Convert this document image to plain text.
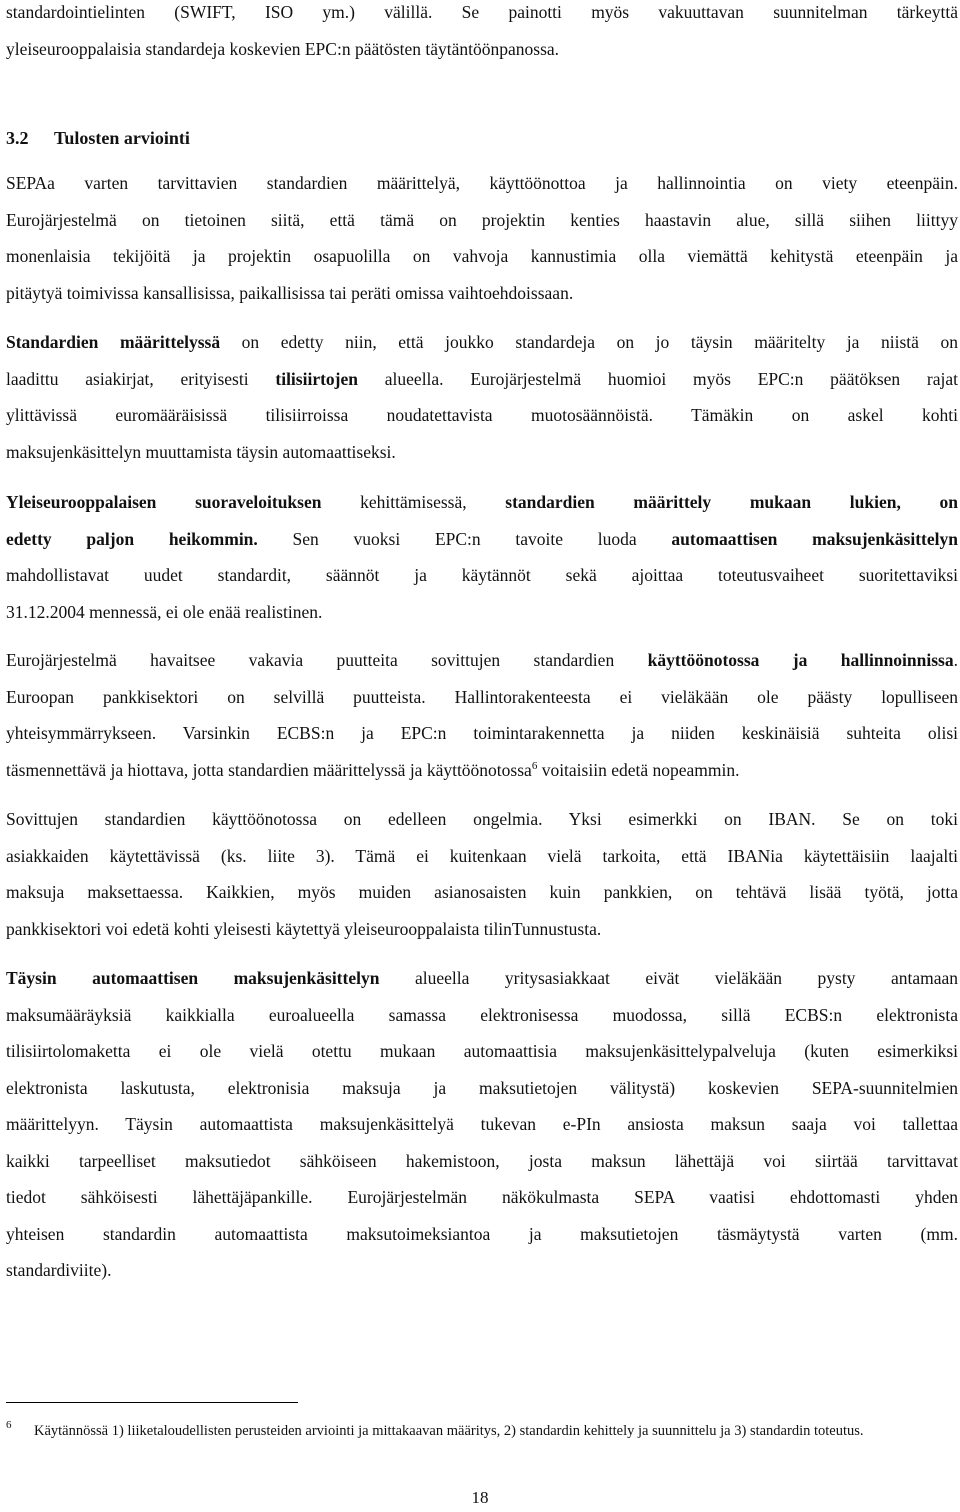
standardointielinten (SWIFT, ISO ym.) välillä. Se painotti myös vakuuttavan suunnitelman tärkeyttä
yleiseurooppalaisia standardeja koskevien EPC:n päätösten täytäntöönpanossa.

3.2 Tulosten arviointi

SEPAa varten tarvittavien standardien määrittelyä, käyttöönottoa ja hallinnointia on viety eteenpäin.
Eurojärjestelmä on tietoinen siitä, että tämä on projektin kenties haastavin alue, sillä siihen liittyy
monenlaisia tekijöitä ja projektin osapuolilla on vahvoja kannustimia olla viemättä kehitystä eteenpäin ja
pitäytyä toimivissa kansallisissa, paikallisissa tai peräti omissa vaihtoehdoissaan.

Standardien määrittelyssä on edetty niin, että joukko standardeja on jo täysin määritelty ja niistä on
laadittu asiakirjat, erityisesti tilisiirtojen alueella. Eurojärjestelmä huomioi myös EPC:n päätöksen rajat
ylittävissä euromääräisissä tilisiirroissa noudatettavista muotosäännöistä. Tämäkin on askel kohti
maksujenkäsittelyn muuttamista täysin automaattiseksi.

Yleiseurooppalaisen suoraveloituksen kehittämisessä, standardien määrittely mukaan lukien, on
edetty paljon heikommin. Sen vuoksi EPC:n tavoite luoda automaattisen maksujenkäsittelyn
mahdollistavat uudet standardit, säännöt ja käytännöt sekä ajoittaa toteutusvaiheet suoritettaviksi
31.12.2004 mennessä, ei ole enää realistinen.

Eurojärjestelmä havaitsee vakavia puutteita sovittujen standardien käyttöönotossa ja hallinnoinnissa.
Euroopan pankkisektori on selvillä puutteista. Hallintorakenteesta ei vieläkään ole päästy lopulliseen
yhteisymmärrykseen. Varsinkin ECBS:n ja EPC:n toimintarakennetta ja niiden keskinäisiä suhteita olisi
täsmennettävä ja hiottava, jotta standardien määrittelyssä ja käyttöönotossa$^6$ voitaisiin edetä nopeammin.

Sovittujen standardien käyttöönotossa on edelleen ongelmia. Yksi esimerkki on IBAN. Se on toki
asiakkaiden käytettävissä (ks. liite 3). Tämä ei kuitenkaan vielä tarkoita, että IBANia käytettäisiin laajalti
maksuja maksettaessa. Kaikkien, myös muiden asianosaisten kuin pankkien, on tehtävä lisää työtä, jotta
pankkisektori voi edetä kohti yleisesti käytettyä yleiseurooppalaista tilinTunnustusta.

Täysin automaattisen maksujenkäsittelyn alueella yritysasiakkaat eivät vieläkään pysty antamaan
maksumääräyksiä kaikkialla euroalueella samassa elektronisessa muodossa, sillä ECBS:n elektronista
tilisiirtolomaketta ei ole vielä otettu mukaan automaattisia maksujenkäsittelypalveluja (kuten esimerkiksi
elektronista laskutusta, elektronisia maksuja ja maksutietojen välitystä) koskevien SEPA-suunnitelmien
määrittelyyn. Täysin automaattista maksujenkäsittelyä tukevan e-PIn ansiosta maksun saaja voi tallettaa
kaikki tarpeelliset maksutiedot sähköiseen hakemistoon, josta maksun lähettäjä voi siirtää tarvittavat
tiedot sähköisesti lähettäjäpankille. Eurojärjestelmän näkökulmasta SEPA vaatisi ehdottomasti yhden
yhteisen standardin automaattista maksutoimeksiantoa ja maksutietojen täsmäytystä varten (mm.
standardiviite).

6 Käytännössä 1) liiketaloudellisten perusteiden arviointi ja mittakaavan määritys, 2) standardin kehittely ja suunnittelu ja 3) standardin toteutus.
18
